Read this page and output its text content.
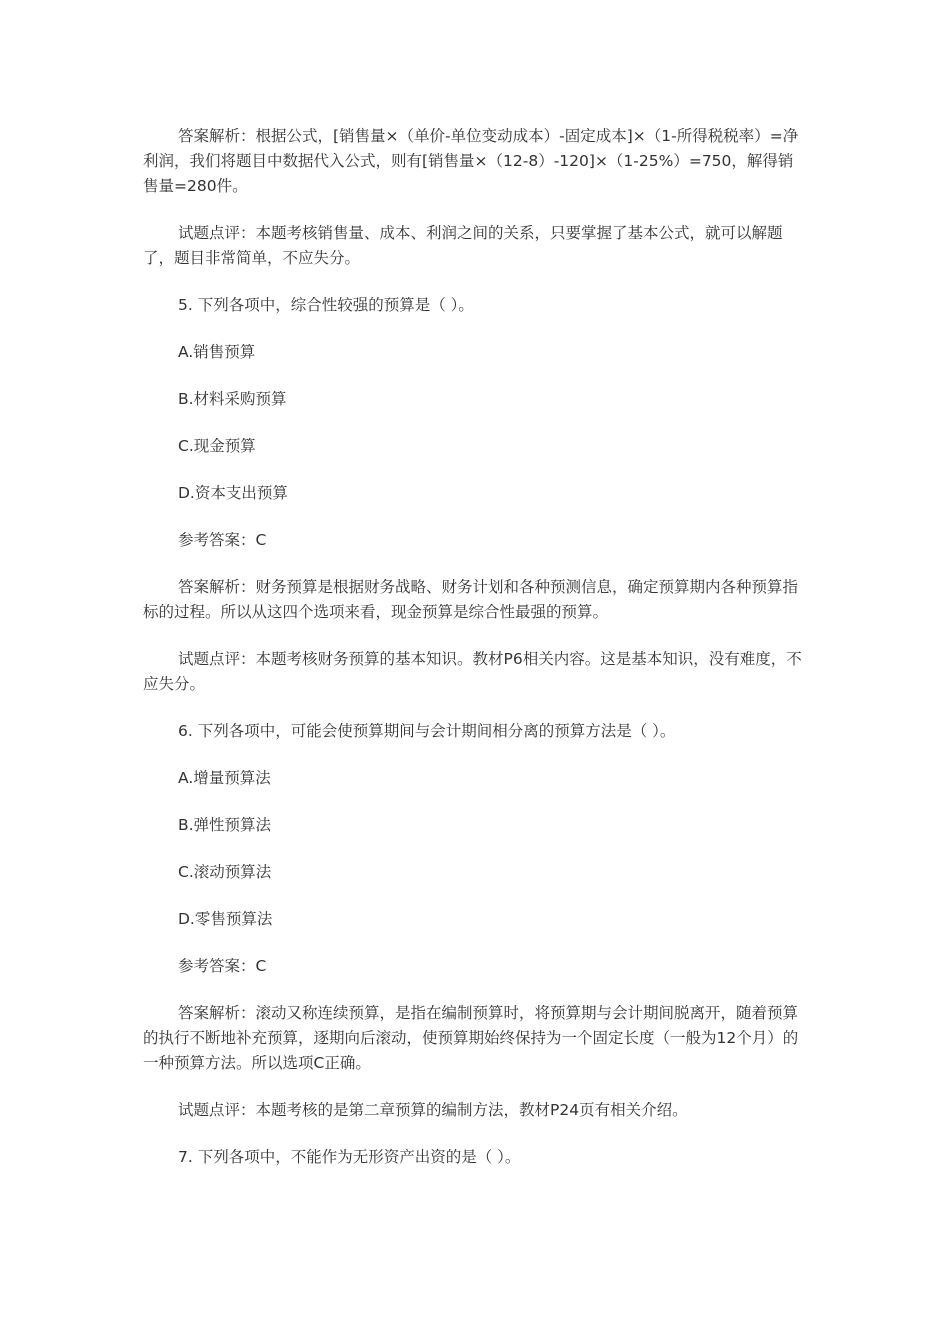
答案解析：根据公式，[销售量×（单价-单位变动成本）-固定成本]×（1-所得税税率）=净利润，我们将题目中数据代入公式，则有[销售量×（12-8）-120]×（1-25%）=750，解得销售量=280件。

试题点评：本题考核销售量、成本、利润之间的关系，只要掌握了基本公式，就可以解题了，题目非常简单，不应失分。

5. 下列各项中，综合性较强的预算是（ ）。

A.销售预算

B.材料采购预算

C.现金预算

D.资本支出预算

参考答案：C

答案解析：财务预算是根据财务战略、财务计划和各种预测信息，确定预算期内各种预算指标的过程。所以从这四个选项来看，现金预算是综合性最强的预算。

试题点评：本题考核财务预算的基本知识。教材P6相关内容。这是基本知识，没有难度，不应失分。

6. 下列各项中，可能会使预算期间与会计期间相分离的预算方法是（ ）。

A.增量预算法

B.弹性预算法

C.滚动预算法

D.零售预算法

参考答案：C

答案解析：滚动又称连续预算，是指在编制预算时，将预算期与会计期间脱离开，随着预算的执行不断地补充预算，逐期向后滚动，使预算期始终保持为一个固定长度（一般为12个月）的一种预算方法。所以选项C正确。

试题点评：本题考核的是第二章预算的编制方法，教材P24页有相关介绍。

7. 下列各项中，不能作为无形资产出资的是（ ）。
